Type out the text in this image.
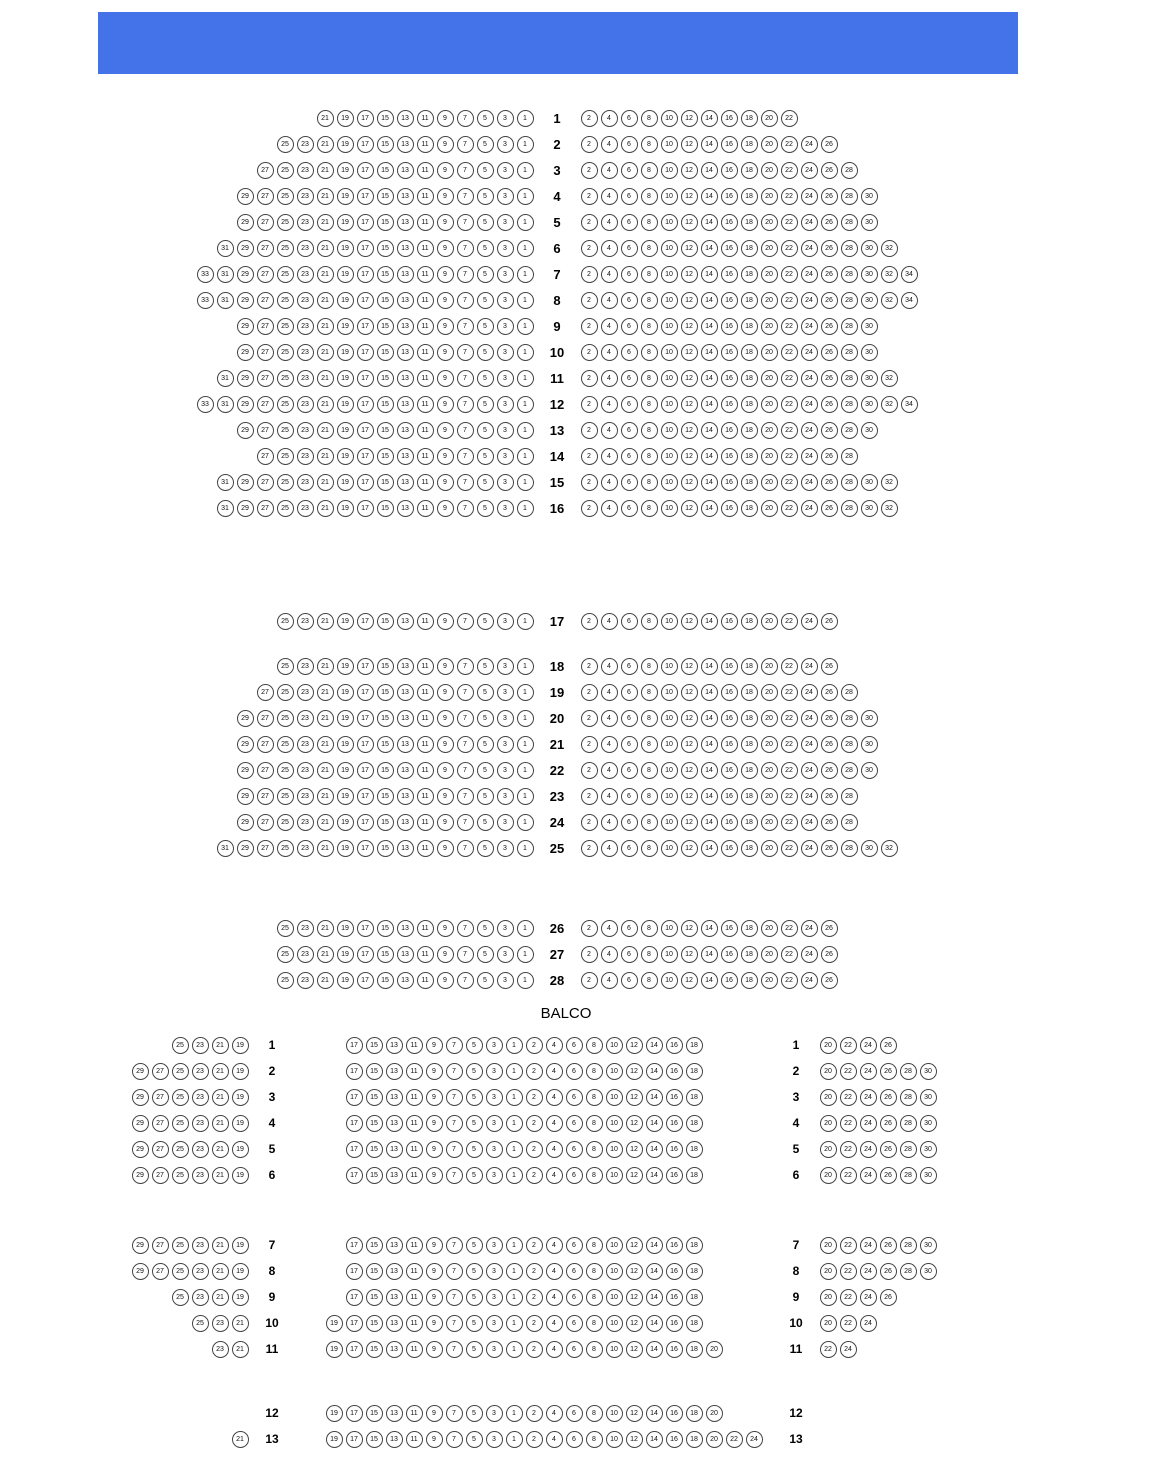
21	19	17	15	13	11	9	7	5	3	1	1	2	4	6	8	10	12	14	16	18	20	22
25	23	21	19	17	15	13	11	9	7	5	3	1	2	2	4	6	8	10	12	14	16	18	20	22	24	26
27	25	23	21	19	17	15	13	11	9	7	5	3	1	3	2	4	6	8	10	12	14	16	18	20	22	24	26	28
29	27	25	23	21	19	17	15	13	11	9	7	5	3	1	4	2	4	6	8	10	12	14	16	18	20	22	24	26	28	30
29	27	25	23	21	19	17	15	13	11	9	7	5	3	1	5	2	4	6	8	10	12	14	16	18	20	22	24	26	28	30
31	29	27	25	23	21	19	17	15	13	11	9	7	5	3	1	6	2	4	6	8	10	12	14	16	18	20	22	24	26	28	30	32
33	31	29	27	25	23	21	19	17	15	13	11	9	7	5	3	1	7	2	4	6	8	10	12	14	16	18	20	22	24	26	28	30	32	34
33	31	29	27	25	23	21	19	17	15	13	11	9	7	5	3	1	8	2	4	6	8	10	12	14	16	18	20	22	24	26	28	30	32	34
29	27	25	23	21	19	17	15	13	11	9	7	5	3	1	9	2	4	6	8	10	12	14	16	18	20	22	24	26	28	30
29	27	25	23	21	19	17	15	13	11	9	7	5	3	1	10	2	4	6	8	10	12	14	16	18	20	22	24	26	28	30
31	29	27	25	23	21	19	17	15	13	11	9	7	5	3	1	11	2	4	6	8	10	12	14	16	18	20	22	24	26	28	30	32
33	31	29	27	25	23	21	19	17	15	13	11	9	7	5	3	1	12	2	4	6	8	10	12	14	16	18	20	22	24	26	28	30	32	34
29	27	25	23	21	19	17	15	13	11	9	7	5	3	1	13	2	4	6	8	10	12	14	16	18	20	22	24	26	28	30
27	25	23	21	19	17	15	13	11	9	7	5	3	1	14	2	4	6	8	10	12	14	16	18	20	22	24	26	28
31	29	27	25	23	21	19	17	15	13	11	9	7	5	3	1	15	2	4	6	8	10	12	14	16	18	20	22	24	26	28	30	32
31	29	27	25	23	21	19	17	15	13	11	9	7	5	3	1	16	2	4	6	8	10	12	14	16	18	20	22	24	26	28	30	32
25	23	21	19	17	15	13	11	9	7	5	3	1	17	2	4	6	8	10	12	14	16	18	20	22	24	26
25	23	21	19	17	15	13	11	9	7	5	3	1	18	2	4	6	8	10	12	14	16	18	20	22	24	26
27	25	23	21	19	17	15	13	11	9	7	5	3	1	19	2	4	6	8	10	12	14	16	18	20	22	24	26	28
29	27	25	23	21	19	17	15	13	11	9	7	5	3	1	20	2	4	6	8	10	12	14	16	18	20	22	24	26	28	30
29	27	25	23	21	19	17	15	13	11	9	7	5	3	1	21	2	4	6	8	10	12	14	16	18	20	22	24	26	28	30
29	27	25	23	21	19	17	15	13	11	9	7	5	3	1	22	2	4	6	8	10	12	14	16	18	20	22	24	26	28	30
29	27	25	23	21	19	17	15	13	11	9	7	5	3	1	23	2	4	6	8	10	12	14	16	18	20	22	24	26	28
29	27	25	23	21	19	17	15	13	11	9	7	5	3	1	24	2	4	6	8	10	12	14	16	18	20	22	24	26	28
31	29	27	25	23	21	19	17	15	13	11	9	7	5	3	1	25	2	4	6	8	10	12	14	16	18	20	22	24	26	28	30	32
25	23	21	19	17	15	13	11	9	7	5	3	1	26	2	4	6	8	10	12	14	16	18	20	22	24	26
25	23	21	19	17	15	13	11	9	7	5	3	1	27	2	4	6	8	10	12	14	16	18	20	22	24	26
25	23	21	19	17	15	13	11	9	7	5	3	1	28	2	4	6	8	10	12	14	16	18	20	22	24	26
BALCO
25	23	21	19	1	17	15	13	11	9	7	5	3	1	2	4	6	8	10	12	14	16	18	1	20	22	24	26
29	27	25	23	21	19	2	17	15	13	11	9	7	5	3	1	2	4	6	8	10	12	14	16	18	2	20	22	24	26	28	30
29	27	25	23	21	19	3	17	15	13	11	9	7	5	3	1	2	4	6	8	10	12	14	16	18	3	20	22	24	26	28	30
29	27	25	23	21	19	4	17	15	13	11	9	7	5	3	1	2	4	6	8	10	12	14	16	18	4	20	22	24	26	28	30
29	27	25	23	21	19	5	17	15	13	11	9	7	5	3	1	2	4	6	8	10	12	14	16	18	5	20	22	24	26	28	30
29	27	25	23	21	19	6	17	15	13	11	9	7	5	3	1	2	4	6	8	10	12	14	16	18	6	20	22	24	26	28	30
29	27	25	23	21	19	7	17	15	13	11	9	7	5	3	1	2	4	6	8	10	12	14	16	18	7	20	22	24	26	28	30
29	27	25	23	21	19	8	17	15	13	11	9	7	5	3	1	2	4	6	8	10	12	14	16	18	8	20	22	24	26	28	30
25	23	21	19	9	17	15	13	11	9	7	5	3	1	2	4	6	8	10	12	14	16	18	9	20	22	24	26
25	23	21	10	19	17	15	13	11	9	7	5	3	1	2	4	6	8	10	12	14	16	18	10	20	22	24
23	21	11	19	17	15	13	11	9	7	5	3	1	2	4	6	8	10	12	14	16	18	20	11	22	24
12	19	17	15	13	11	9	7	5	3	1	2	4	6	8	10	12	14	16	18	20	12
21	13	19	17	15	13	11	9	7	5	3	1	2	4	6	8	10	12	14	16	18	20	22	24	13
